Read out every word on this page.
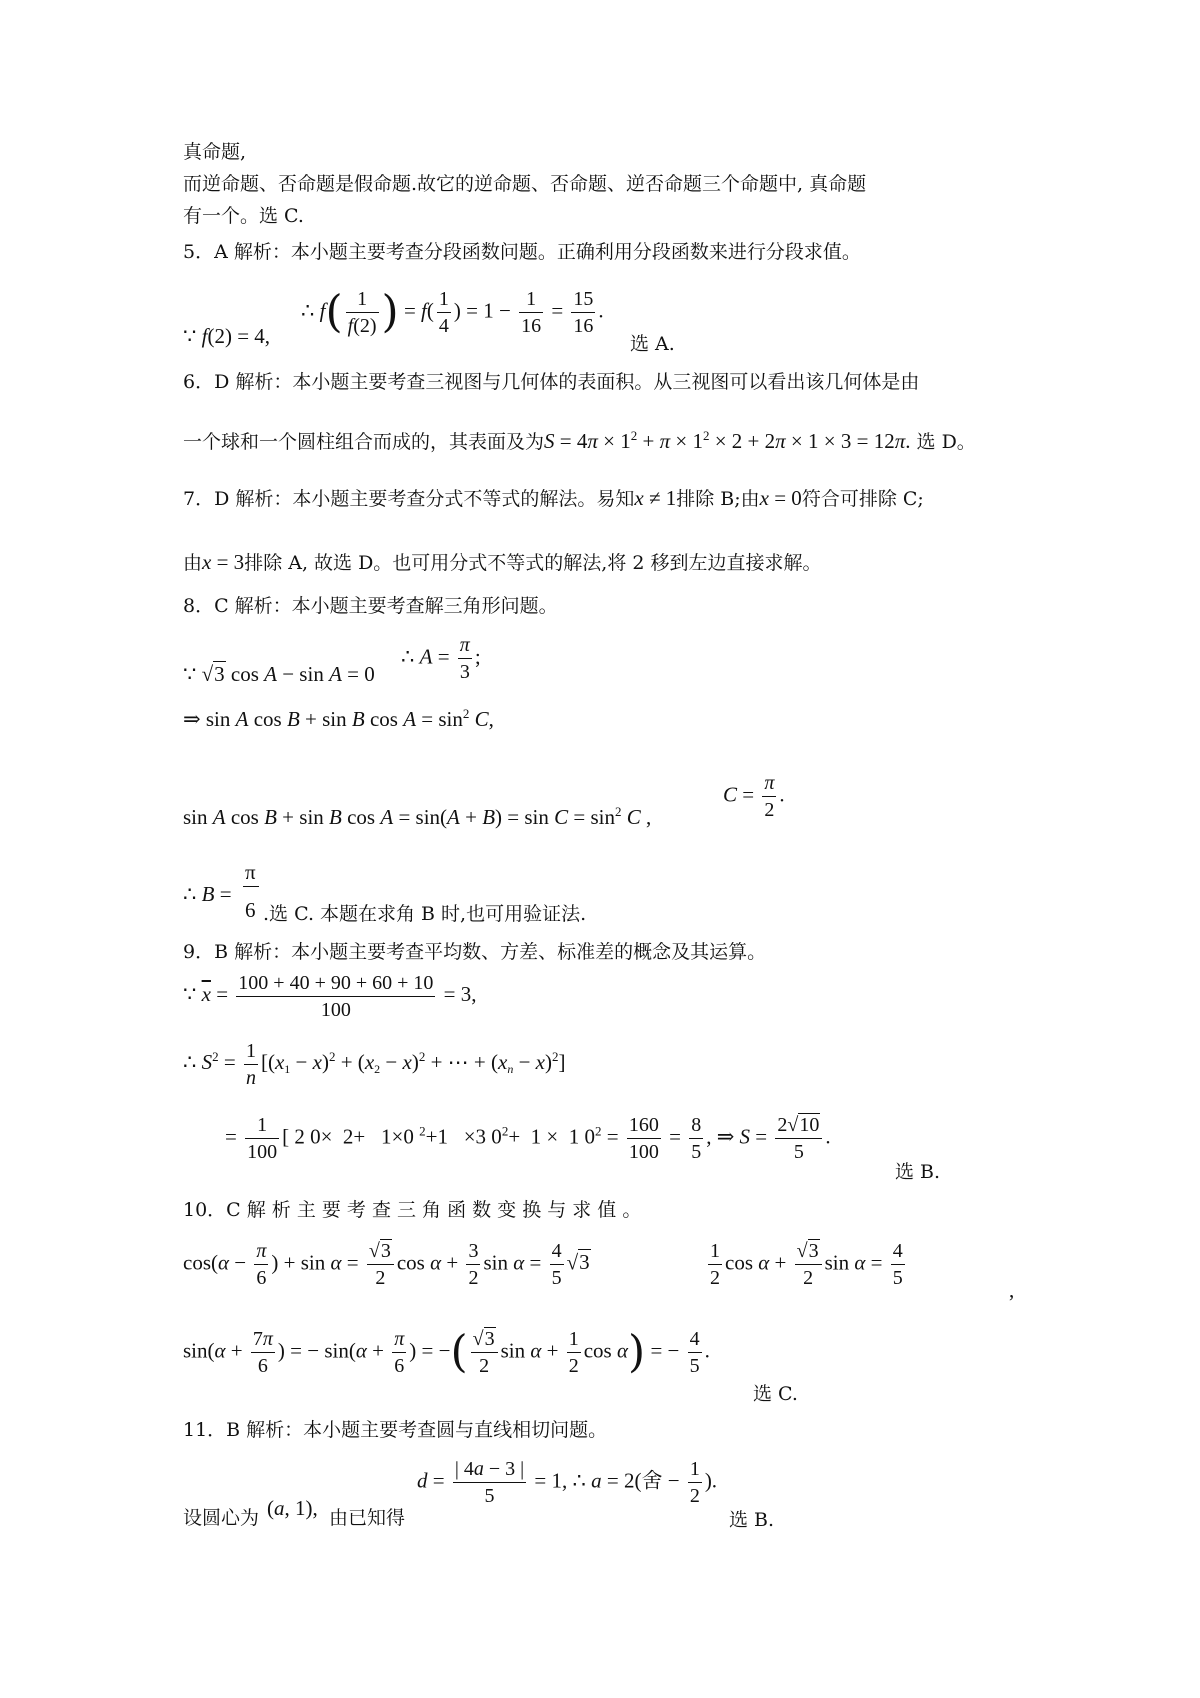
真命题,
而逆命题、否命题是假命题.故它的逆命题、否命题、逆否命题三个命题中, 真命题
有一个。选 C.
5．A 解析：本小题主要考查分段函数问题。正确利用分段函数来进行分段求值。
∵ f(2) = 4,
∴ $f( \frac{1}{f(2)}$ ) = $f( \frac{1}{4}$ ) = $1 - \frac{1}{16} = \frac{15}{16}$ .
选 A.
6．D 解析：本小题主要考查三视图与几何体的表面积。从三视图可以看出该几何体是由
一个球和一个圆柱组合而成的，其表面及为$S = 4\pi \times 1^2 + \pi \times 1^2 \times 2 + 2\pi \times 1 \times 3 = 12\pi$. 选 D。
7．D 解析：本小题主要考查分式不等式的解法。易知x ≠ 1排除 B;由x = 0符合可排除 C;
由x = 3排除 A, 故选 D。也可用分式不等式的解法,将 2 移到左边直接求解。
8．C 解析：本小题主要考查解三角形问题。
∵ √3 cos A − sin A = 0
∴ $A = \frac{\pi}{3}$ ;
⇒ sin A cos B + sin B $\cos A = \sin^2 C$,
sin A cos B + sin B $\cos A = \sin(A + B) = \sin C = \sin^2 C$ ,
$C = \frac{\pi}{2}$ .
∴ B =
π
6 .选 C. 本题在求角 B 时,也可用验证法.
9．B 解析：本小题主要考查平均数、方差、标准差的概念及其运算。
∵ $\overline{x} = \frac{100 + 40 + 90 + 60 + 10}{100} = 3$,
∴ $S^2 = \frac{1}{n} [(x_1 - x)^2 + (x_2 - x)^2$ + ⋯ + $(x_n - x)^2$]
= $\frac{1}{100}$ [ 2 0×  2+   1×0 $^2$+1   ×3 $0^2+ 1 \times 1$ $0^2 = \frac{160}{100} = \frac{8}{5}$ , ⇒ $S = \frac{2√10}{5}$ .
选 B.
10．C 解 析 主 要 考 查 三 角 函 数 变 换 与 求 值 。
$\cos(\alpha - \frac{\pi}{6}$ ) + $\sin \alpha = \frac{√3}{2}$ $\cos \alpha + \frac{3}{2}$ $\sin \alpha = \frac{4}{5} √3$	$\frac{1}{2}$ $\cos \alpha + \frac{√3}{2}$ $\sin \alpha = \frac{4}{5}$	,
$\sin(\alpha + \frac{7\pi}{6}$ ) = − $\sin(\alpha + \frac{\pi}{6}$ ) = −( $\frac{√3}{2}$ $\sin \alpha + \frac{1}{2}$ cos α) = − $\frac{4}{5}$ .
选 C.
11．B 解析：本小题主要考查圆与直线相切问题。
设圆心为 (a, 1), 由已知得
$d = \frac{| 4a - 3 |}{5} = 1$, ∴ a = 2(舍 − $\frac{1}{2}$ ).
选 B.
